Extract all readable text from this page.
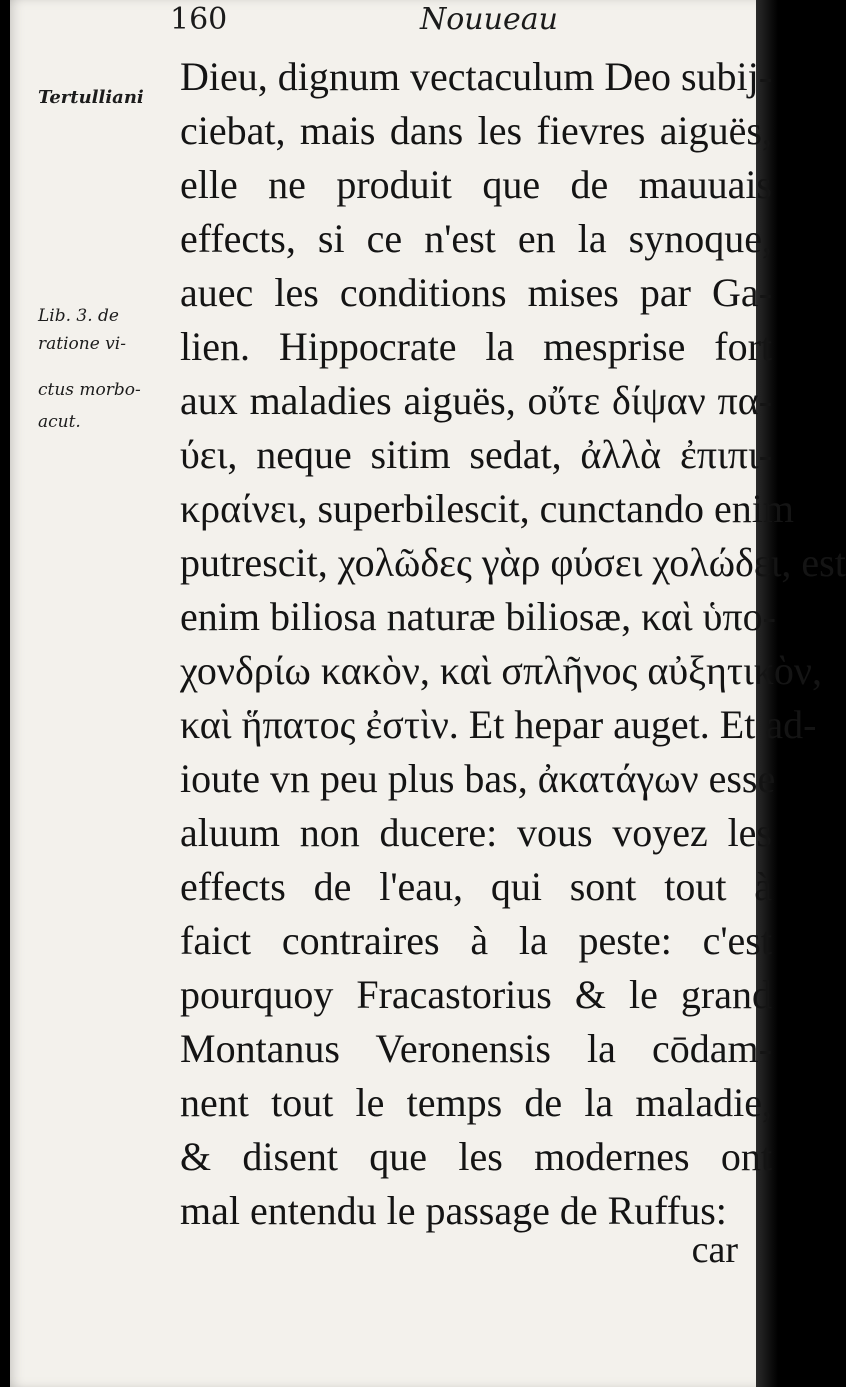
160	Nouueau
Tertulliani
Lib. 3. de
ratione vi-
ctus morbo-
acut.
Dieu, dignum vectaculum Deo subij-
ciebat, mais dans les fievres aiguës,
elle ne produit que de mauuais
effects, si ce n'est en la synoque,
auec les conditions mises par Ga-
lien. Hippocrate la mesprise fort
aux maladies aiguës, οὔτε δίψαν πα-
ύει, neque sitim sedat, ἀλλὰ ἐπιπι-
κραίνει, superbilescit, cunctando enim
putrescit, χολῶδες γὰρ φύσει χολώδει, est
enim biliosa naturæ biliosæ, καὶ ὑπο-
χονδρίω κακὸν, καὶ σπλῆνος αὐξητικὸν,
καὶ ἥπατος ἐστὶν. Et hepar auget. Et ad-
ioute vn peu plus bas, ἀκατάγων esse
aluum non ducere: vous voyez les
effects de l'eau, qui sont tout à
faict contraires à la peste: c'est
pourquoy Fracastorius & le grand
Montanus Veronensis la cōdam-
nent tout le temps de la maladie,
& disent que les modernes ont
mal entendu le passage de Ruffus:
car
